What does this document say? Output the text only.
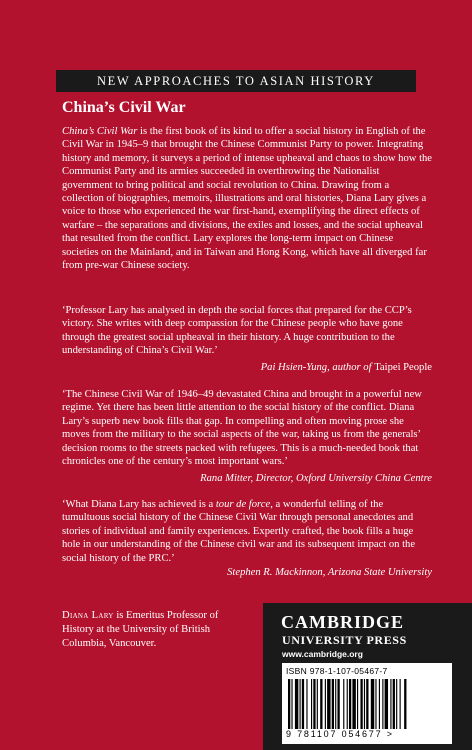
NEW APPROACHES TO ASIAN HISTORY
China’s Civil War

China’s Civil War is the first book of its kind to offer a social history in English of the Civil War in 1945–9 that brought the Chinese Communist Party to power. Integrating history and memory, it surveys a period of intense upheaval and chaos to show how the Communist Party and its armies succeeded in overthrowing the Nationalist government to bring political and social revolution to China. Drawing from a collection of biographies, memoirs, illustrations and oral histories, Diana Lary gives a voice to those who experienced the war first-hand, exemplifying the direct effects of warfare – the separations and divisions, the exiles and losses, and the social upheaval that resulted from the conflict. Lary explores the long-term impact on Chinese societies on the Mainland, and in Taiwan and Hong Kong, which have all diverged far from pre-war Chinese society.

‘Professor Lary has analysed in depth the social forces that prepared for the CCP’s victory. She writes with deep compassion for the Chinese people who have gone through the greatest social upheaval in their history. A huge contribution to the understanding of China’s Civil War.’

Pai Hsien-Yung, author of Taipei People

‘The Chinese Civil War of 1946–49 devastated China and brought in a powerful new regime. Yet there has been little attention to the social history of the conflict. Diana Lary’s superb new book fills that gap. In compelling and often moving prose she moves from the military to the social aspects of the war, taking us from the generals’ decision rooms to the streets packed with refugees. This is a much-needed book that chronicles one of the century’s most important wars.’

Rana Mitter, Director, Oxford University China Centre

‘What Diana Lary has achieved is a tour de force, a wonderful telling of the tumultuous social history of the Chinese Civil War through personal anecdotes and stories of individual and family experiences. Expertly crafted, the book fills a huge hole in our understanding of the Chinese civil war and its subsequent impact on the social history of the PRC.’

Stephen R. Mackinnon, Arizona State University
Diana Lary is Emeritus Professor of History at the University of British Columbia, Vancouver.
CAMBRIDGE
UNIVERSITY PRESS
www.cambridge.org
ISBN 978-1-107-05467-7
9 781107 054677 >
